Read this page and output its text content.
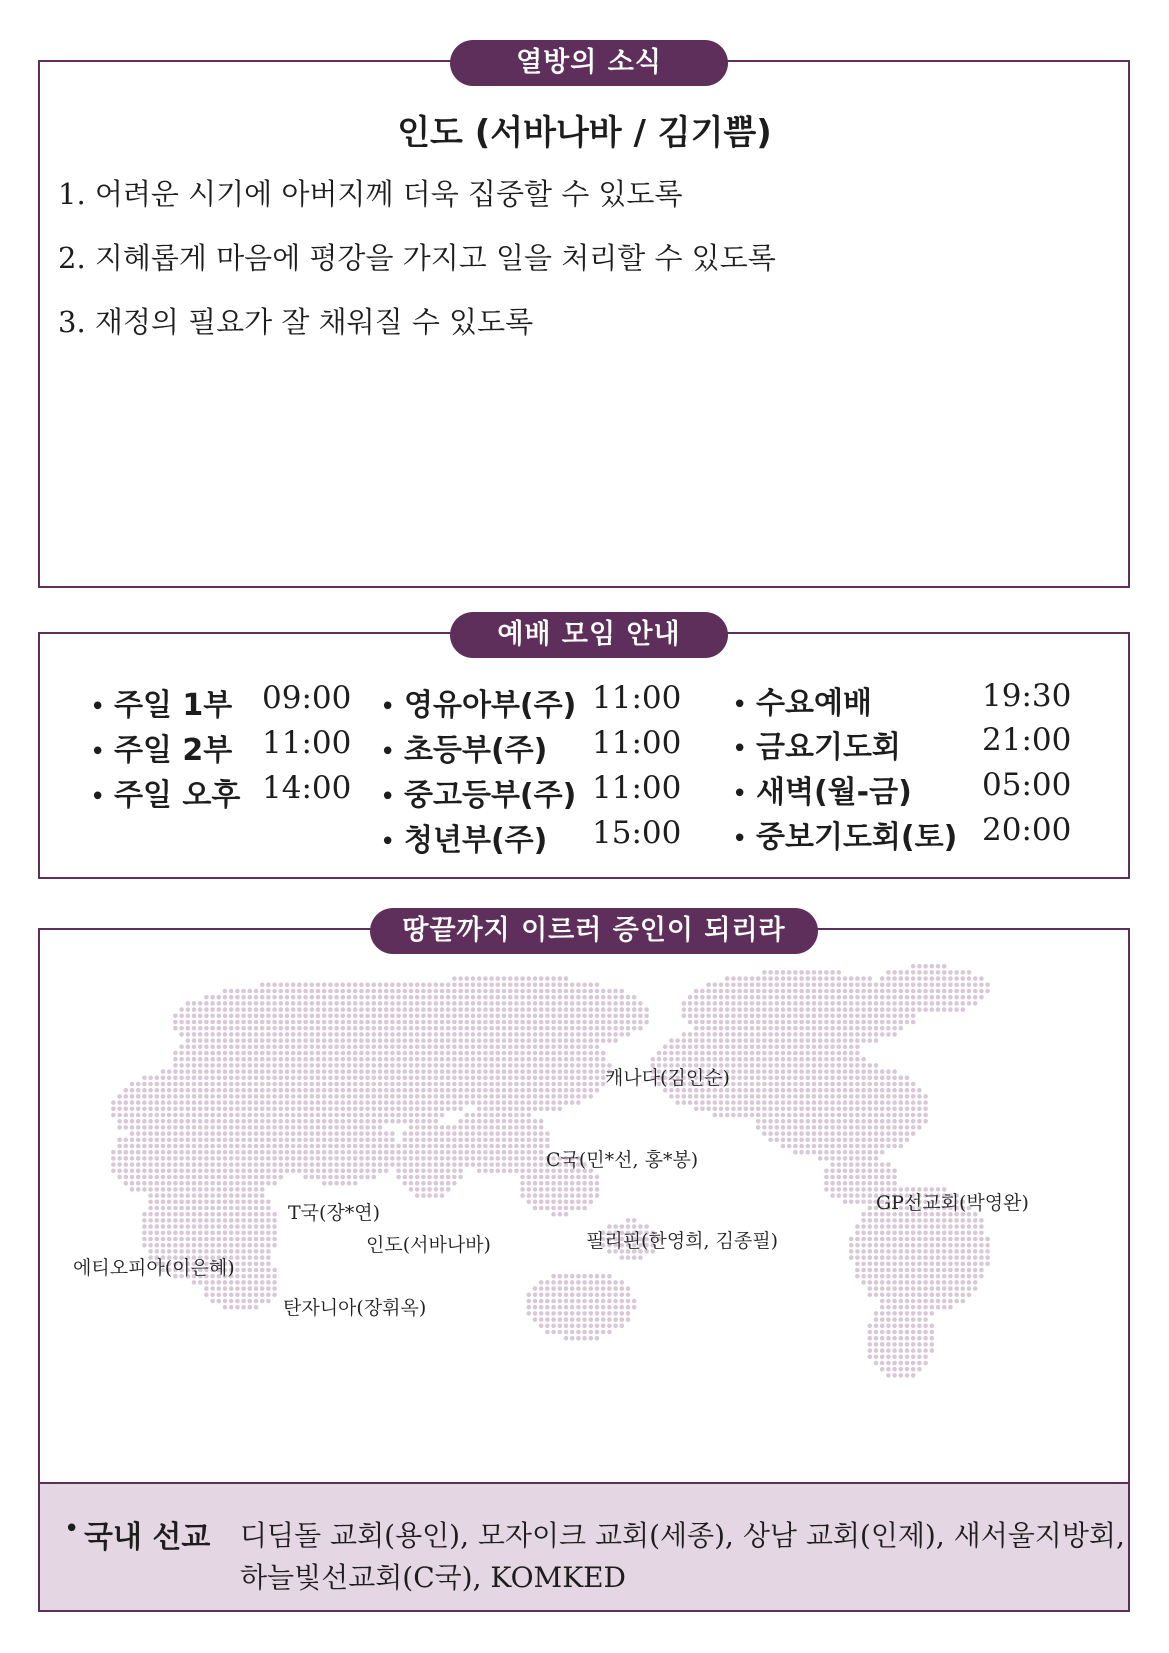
열방의 소식
인도 (서바나바 / 김기쁨)
1. 어려운 시기에 아버지께 더욱 집중할 수 있도록
2. 지혜롭게 마음에 평강을 가지고 일을 처리할 수 있도록
3. 재정의 필요가 잘 채워질 수 있도록
예배 모임 안내
• 주일 1부 09:00
• 주일 2부 11:00
• 주일 오후 14:00
• 영유아부(주) 11:00
• 초등부(주) 11:00
• 중고등부(주) 11:00
• 청년부(주) 15:00
• 수요예배	19:30
• 금요기도회	21:00
• 새벽(월-금) 05:00
• 중보기도회(토) 20:00
땅끝까지 이르러 증인이 되리라
캐나다(김인순)
C국(민*선, 홍*봉)
GP선교회(박영완)
T국(장*연)
인도(서바나바)	필리핀(한영희, 김종필)
에티오피아(이은혜)
탄자니아(장휘옥)
• 국내 선교 디딤돌 교회(용인), 모자이크 교회(세종), 상남 교회(인제), 새서울지방회,
하늘빛선교회(C국), KOMKED
